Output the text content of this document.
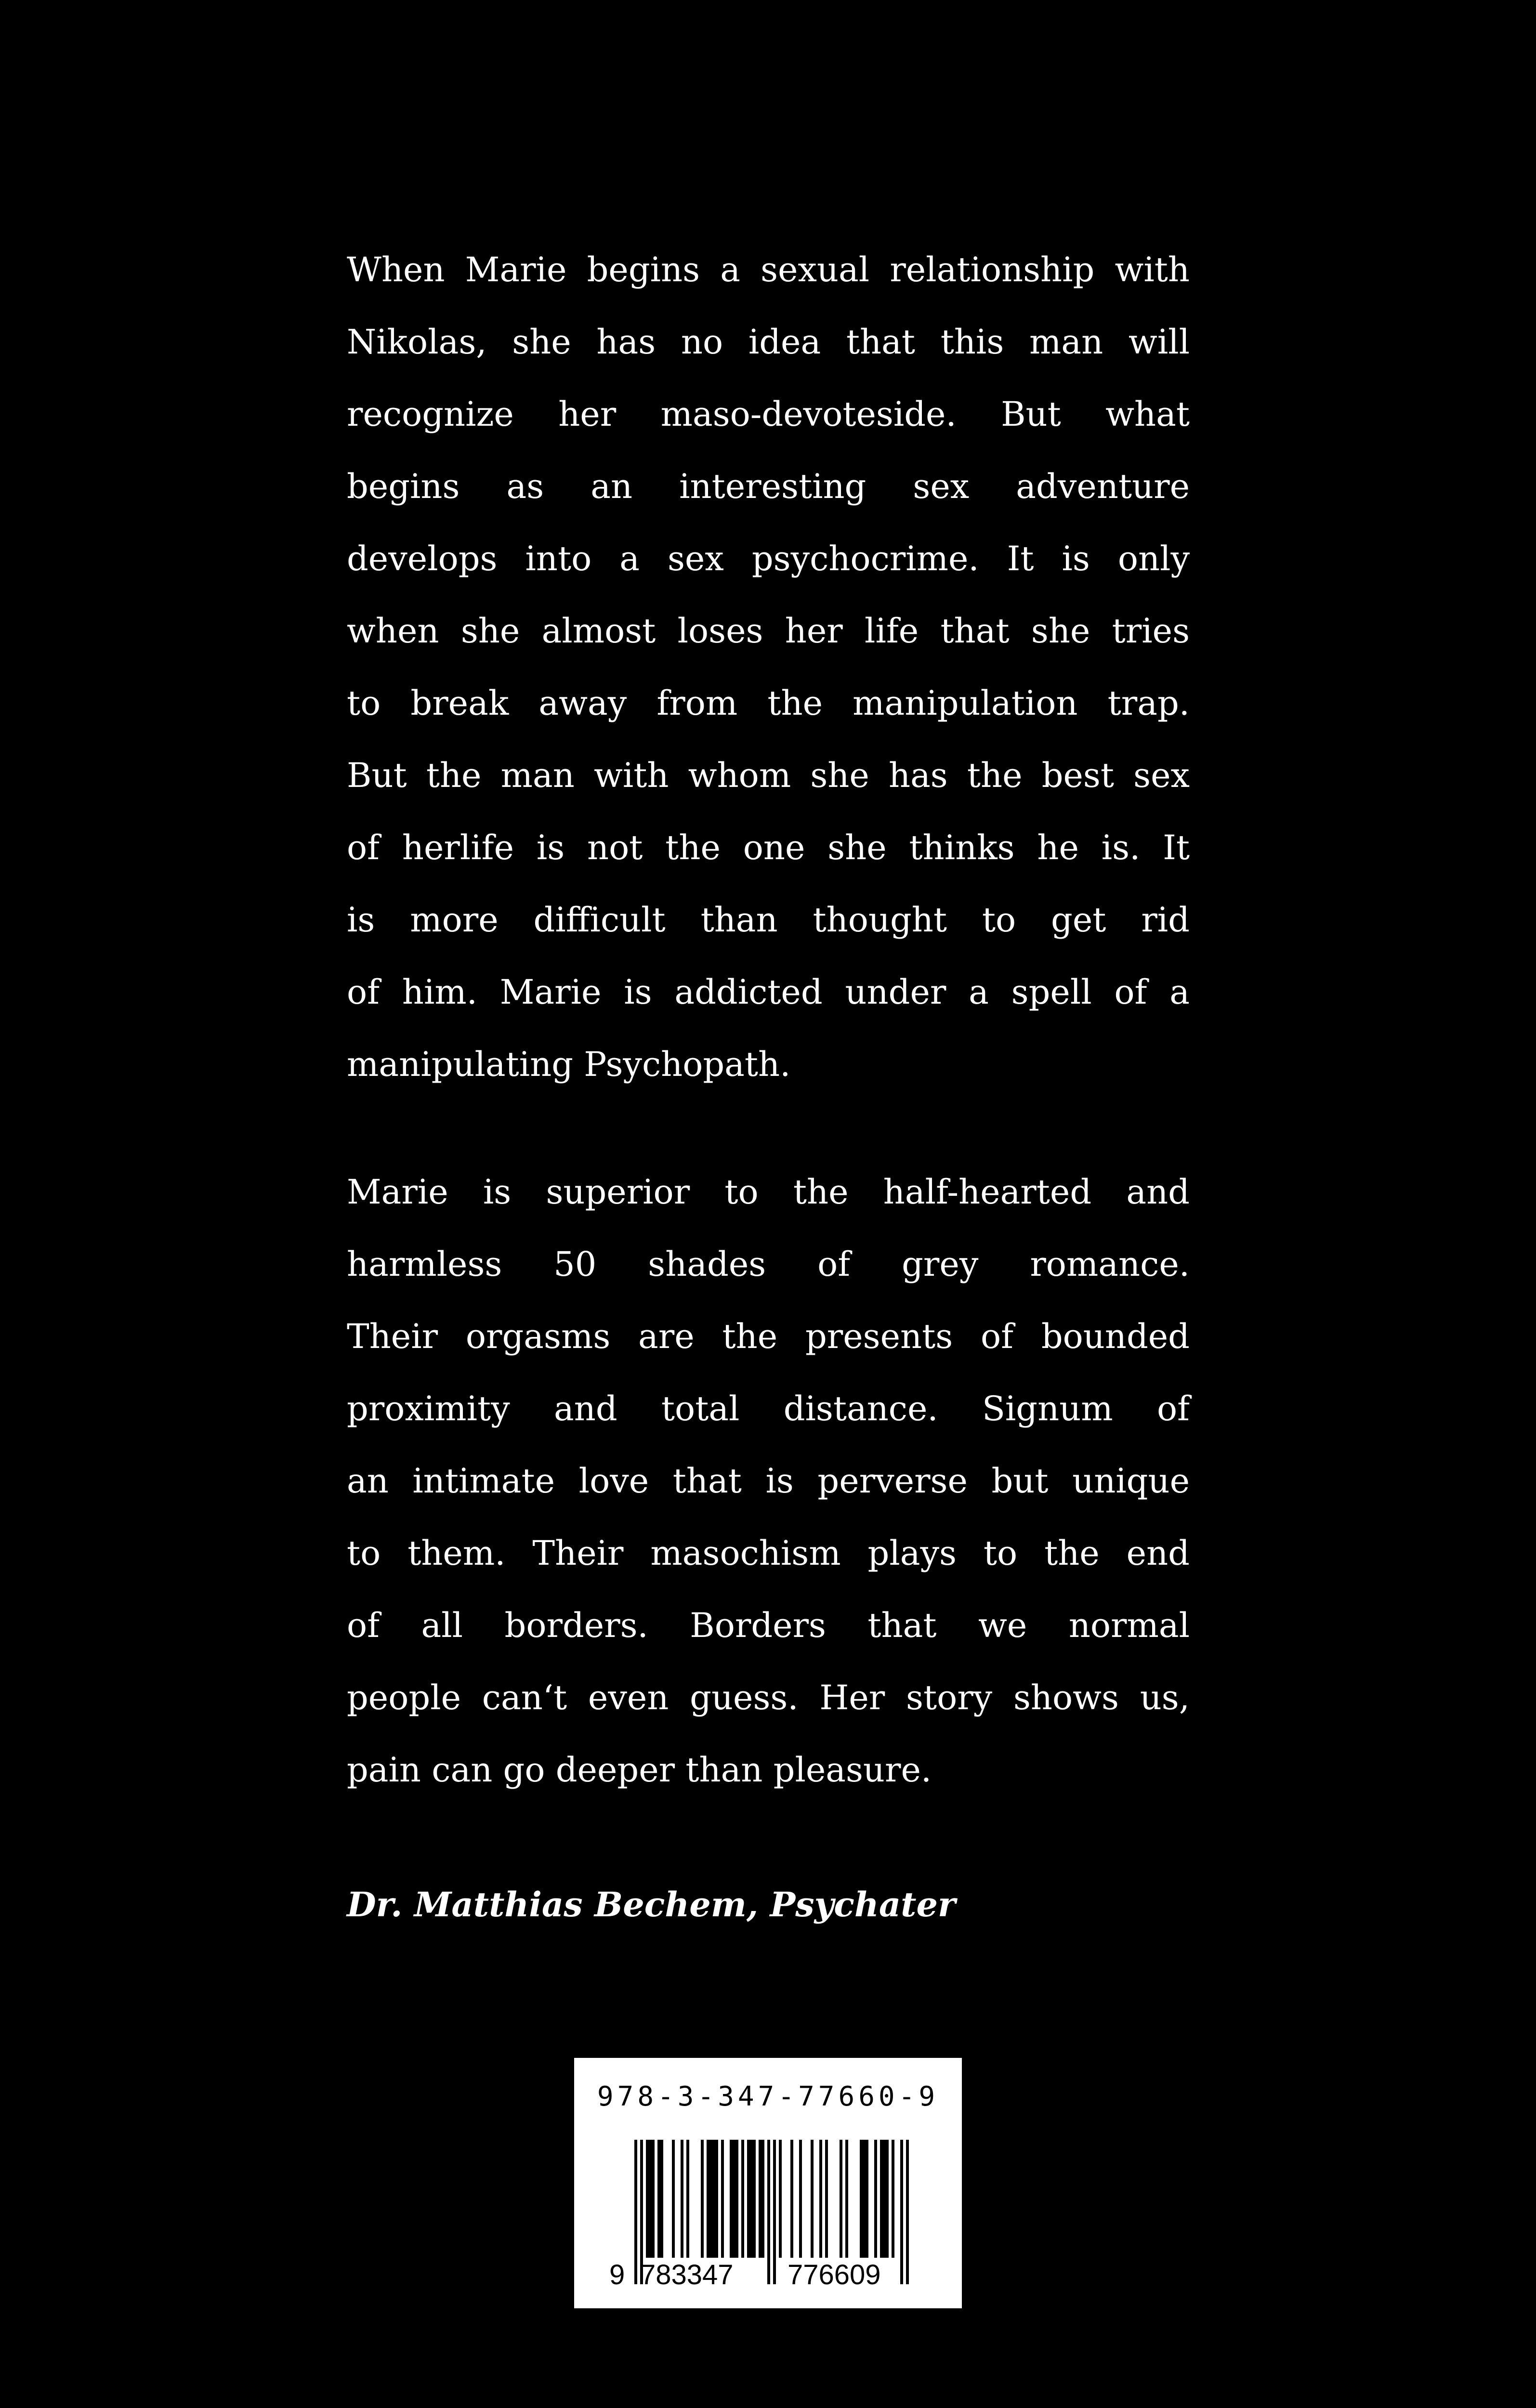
When Marie begins a sexual relationship with
Nikolas, she has no idea that this man will
recognize her maso-devoteside. But what
begins as an interesting sex adventure
develops into a sex psychocrime. It is only
when she almost loses her life that she tries
to break away from the manipulation trap.
But the man with whom she has the best sex
of herlife is not the one she thinks he is. It
is more difficult than thought to get rid
of him. Marie is addicted under a spell of a
manipulating Psychopath.
Marie is superior to the half-hearted and
harmless 50 shades of grey romance.
Their orgasms are the presents of bounded
proximity and total distance. Signum of
an intimate love that is perverse but unique
to them. Their masochism plays to the end
of all borders. Borders that we normal
people can‘t even guess. Her story shows us,
pain can go deeper than pleasure.
Dr. Matthias Bechem, Psychater
978-3-347-77660-9
9 783347 776609
